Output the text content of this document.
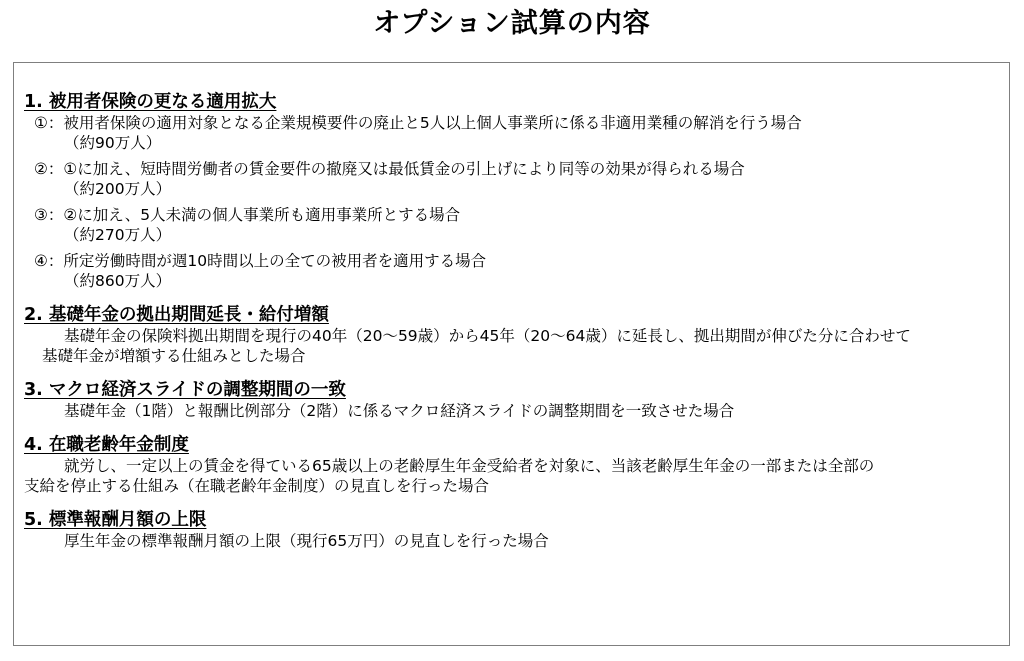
オプション試算の内容
1. 被用者保険の更なる適用拡大
①：被用者保険の適用対象となる企業規模要件の廃止と5人以上個人事業所に係る非適用業種の解消を行う場合
（約90万人）
②：①に加え、短時間労働者の賃金要件の撤廃又は最低賃金の引上げにより同等の効果が得られる場合
（約200万人）
③：②に加え、5人未満の個人事業所も適用事業所とする場合
（約270万人）
④：所定労働時間が週10時間以上の全ての被用者を適用する場合
（約860万人）
2. 基礎年金の拠出期間延長・給付増額
基礎年金の保険料拠出期間を現行の40年（20～59歳）から45年（20～64歳）に延長し、拠出期間が伸びた分に合わせて
基礎年金が増額する仕組みとした場合
3. マクロ経済スライドの調整期間の一致
基礎年金（1階）と報酬比例部分（2階）に係るマクロ経済スライドの調整期間を一致させた場合
4. 在職老齢年金制度
就労し、一定以上の賃金を得ている65歳以上の老齢厚生年金受給者を対象に、当該老齢厚生年金の一部または全部の
支給を停止する仕組み（在職老齢年金制度）の見直しを行った場合
5. 標準報酬月額の上限
厚生年金の標準報酬月額の上限（現行65万円）の見直しを行った場合
